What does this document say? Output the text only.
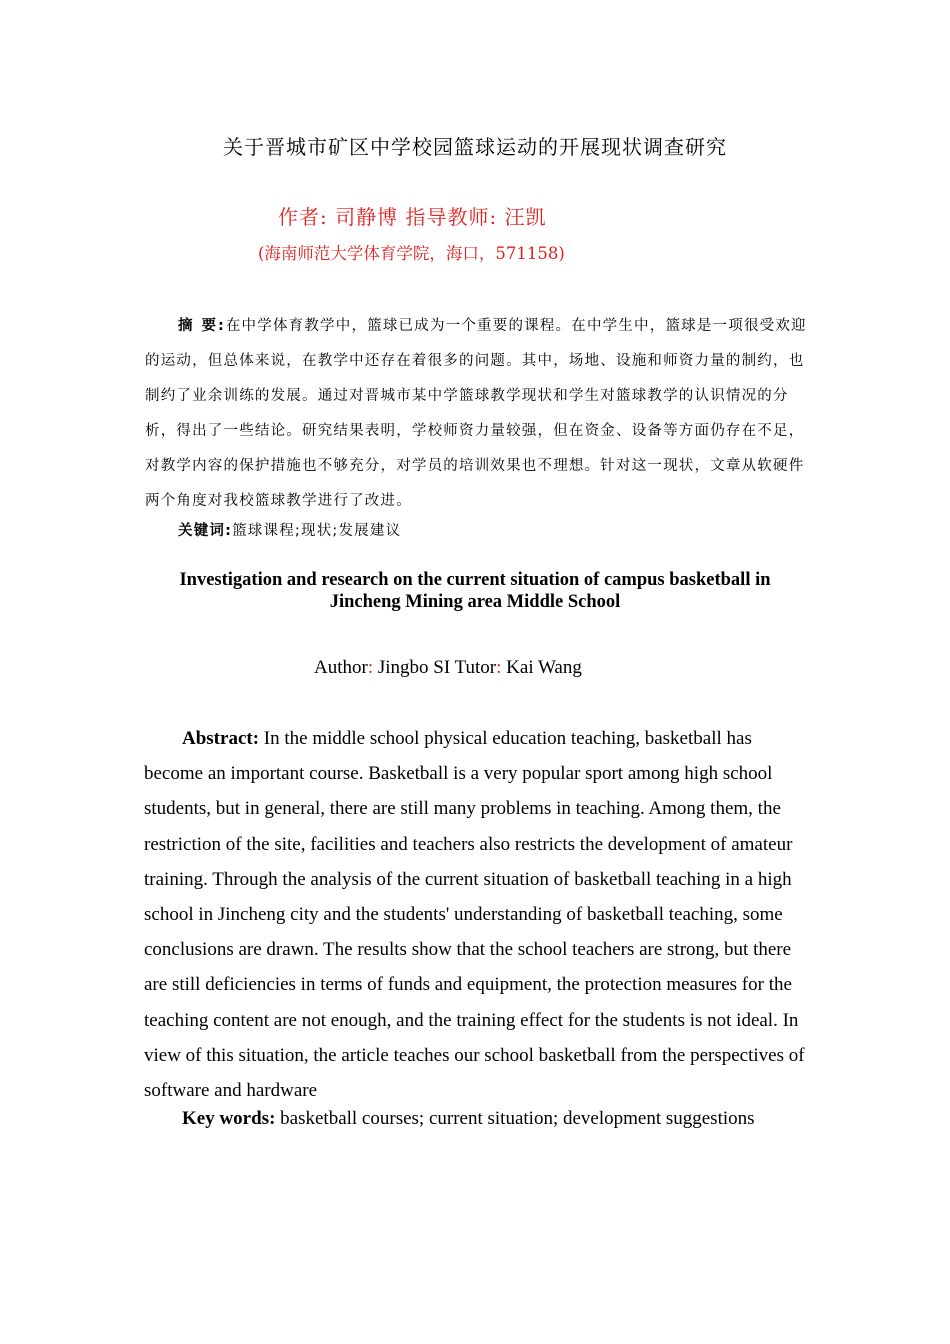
关于晋城市矿区中学校园篮球运动的开展现状调查研究
作者: 司静博 指导教师: 汪凯
(海南师范大学体育学院，海口，571158)
摘 要:在中学体育教学中，篮球已成为一个重要的课程。在中学生中，篮球是一项很受欢迎的运动，但总体来说，在教学中还存在着很多的问题。其中，场地、设施和师资力量的制约，也制约了业余训练的发展。通过对晋城市某中学篮球教学现状和学生对篮球教学的认识情况的分析，得出了一些结论。研究结果表明，学校师资力量较强，但在资金、设备等方面仍存在不足，对教学内容的保护措施也不够充分，对学员的培训效果也不理想。针对这一现状，文章从软硬件两个角度对我校篮球教学进行了改进。
关键词:篮球课程;现状;发展建议
Investigation and research on the current situation of campus basketball in
Jincheng Mining area Middle School
Author: Jingbo SI Tutor: Kai Wang
Abstract: In the middle school physical education teaching, basketball has become an important course. Basketball is a very popular sport among high school students, but in general, there are still many problems in teaching. Among them, the restriction of the site, facilities and teachers also restricts the development of amateur training. Through the analysis of the current situation of basketball teaching in a high school in Jincheng city and the students' understanding of basketball teaching, some conclusions are drawn. The results show that the school teachers are strong, but there are still deficiencies in terms of funds and equipment, the protection measures for the teaching content are not enough, and the training effect for the students is not ideal. In view of this situation, the article teaches our school basketball from the perspectives of software and hardware
Key words: basketball courses; current situation; development suggestions
